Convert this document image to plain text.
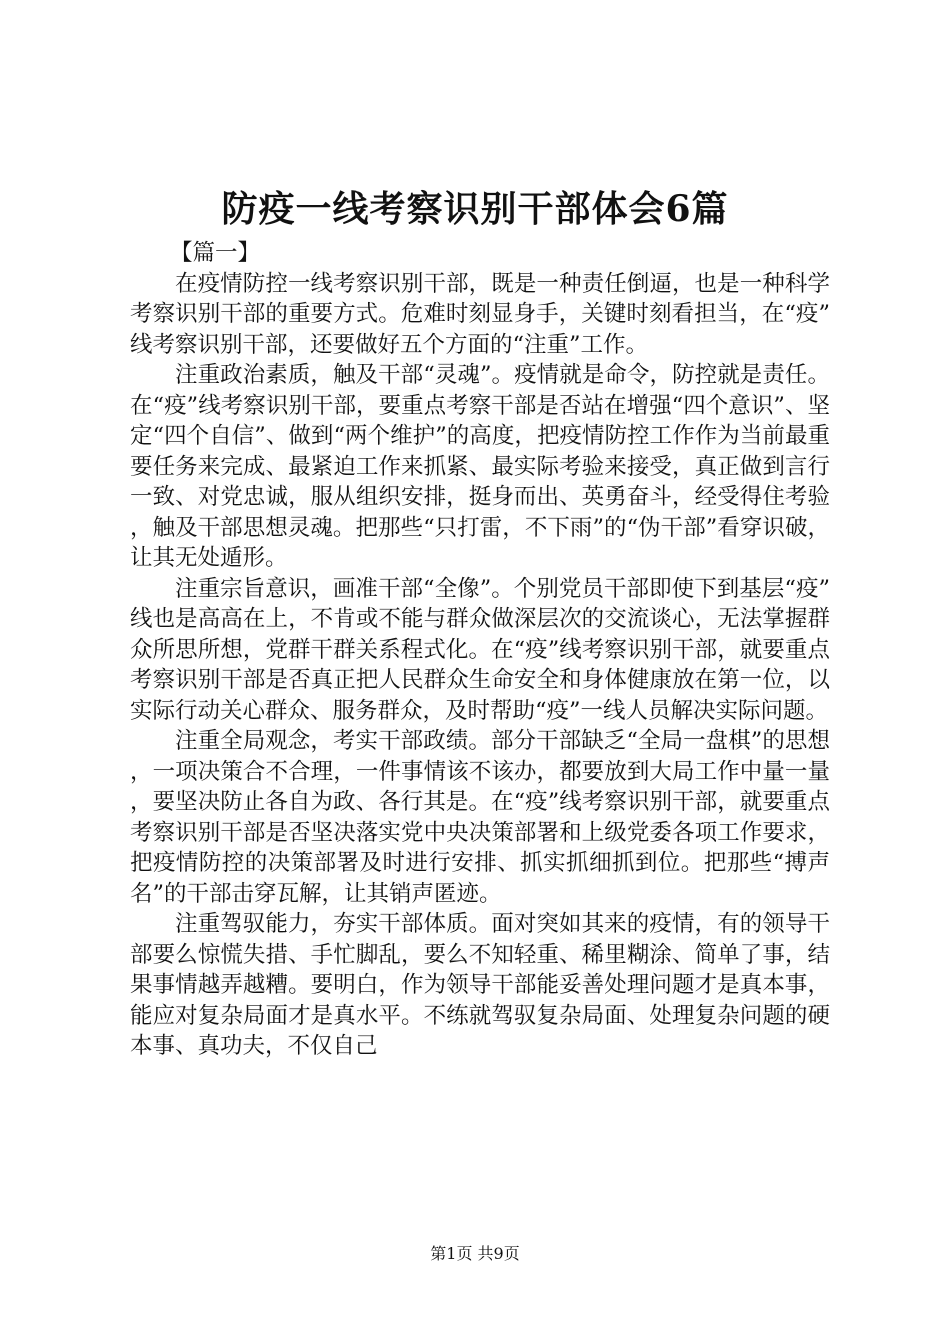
防疫一线考察识别干部体会6篇

【篇一】

在疫情防控一线考察识别干部，既是一种责任倒逼，也是一种科学考察识别干部的重要方式。危难时刻显身手，关键时刻看担当，在“疫”线考察识别干部，还要做好五个方面的“注重”工作。

注重政治素质，触及干部“灵魂”。疫情就是命令，防控就是责任。在“疫”线考察识别干部，要重点考察干部是否站在增强“四个意识”、坚定“四个自信”、做到“两个维护”的高度，把疫情防控工作作为当前最重要任务来完成、最紧迫工作来抓紧、最实际考验来接受，真正做到言行一致、对党忠诚，服从组织安排，挺身而出、英勇奋斗，经受得住考验，触及干部思想灵魂。把那些“只打雷，不下雨”的“伪干部”看穿识破，让其无处遁形。

注重宗旨意识，画准干部“全像”。个别党员干部即使下到基层“疫”线也是高高在上，不肯或不能与群众做深层次的交流谈心，无法掌握群众所思所想，党群干群关系程式化。在“疫”线考察识别干部，就要重点考察识别干部是否真正把人民群众生命安全和身体健康放在第一位，以实际行动关心群众、服务群众，及时帮助“疫”一线人员解决实际问题。

注重全局观念，考实干部政绩。部分干部缺乏“全局一盘棋”的思想，一项决策合不合理，一件事情该不该办，都要放到大局工作中量一量，要坚决防止各自为政、各行其是。在“疫”线考察识别干部，就要重点考察识别干部是否坚决落实党中央决策部署和上级党委各项工作要求，把疫情防控的决策部署及时进行安排、抓实抓细抓到位。把那些“搏声名”的干部击穿瓦解，让其销声匿迹。

注重驾驭能力，夯实干部体质。面对突如其来的疫情，有的领导干部要么惊慌失措、手忙脚乱，要么不知轻重、稀里糊涂、简单了事，结果事情越弄越糟。要明白，作为领导干部能妥善处理问题才是真本事，能应对复杂局面才是真水平。不练就驾驭复杂局面、处理复杂问题的硬本事、真功夫，不仅自己

第1页 共9页
